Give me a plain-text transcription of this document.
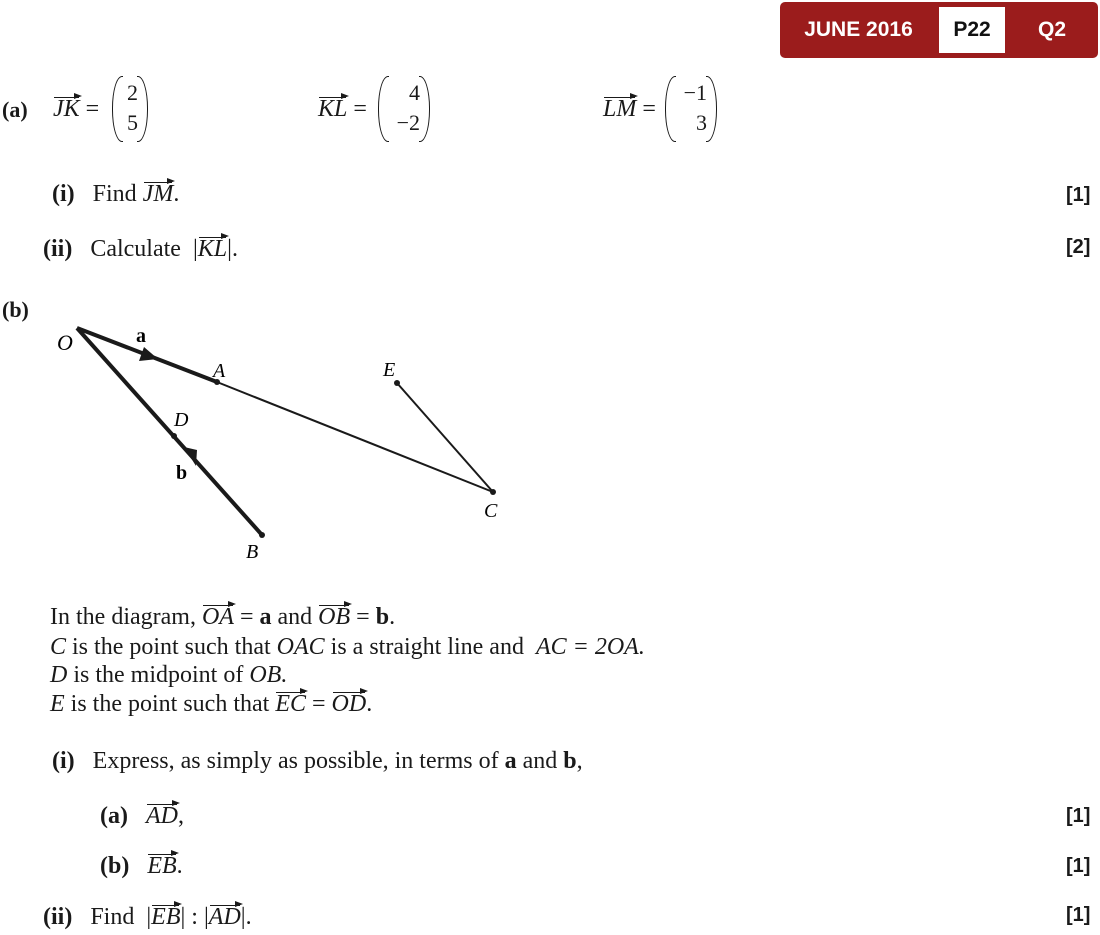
JUNE 2016	P22	Q2
(a) JK =
2
5
KL =
4
−2
LM =
−1
3
(i) Find JM.	[1]
(ii) Calculate  |KL|.	[2]
(b)
O	a
A	E
D
b
C
B
In the diagram, OA = a and OB = b.
C is the point such that OAC is a straight line and AC = 2OA.
D is the midpoint of OB.
E is the point such that EC = OD.
(i) Express, as simply as possible, in terms of a and b,
(a) AD,	[1]
(b) EB.	[1]
(ii) Find  |EB| : |AD|.	[1]
